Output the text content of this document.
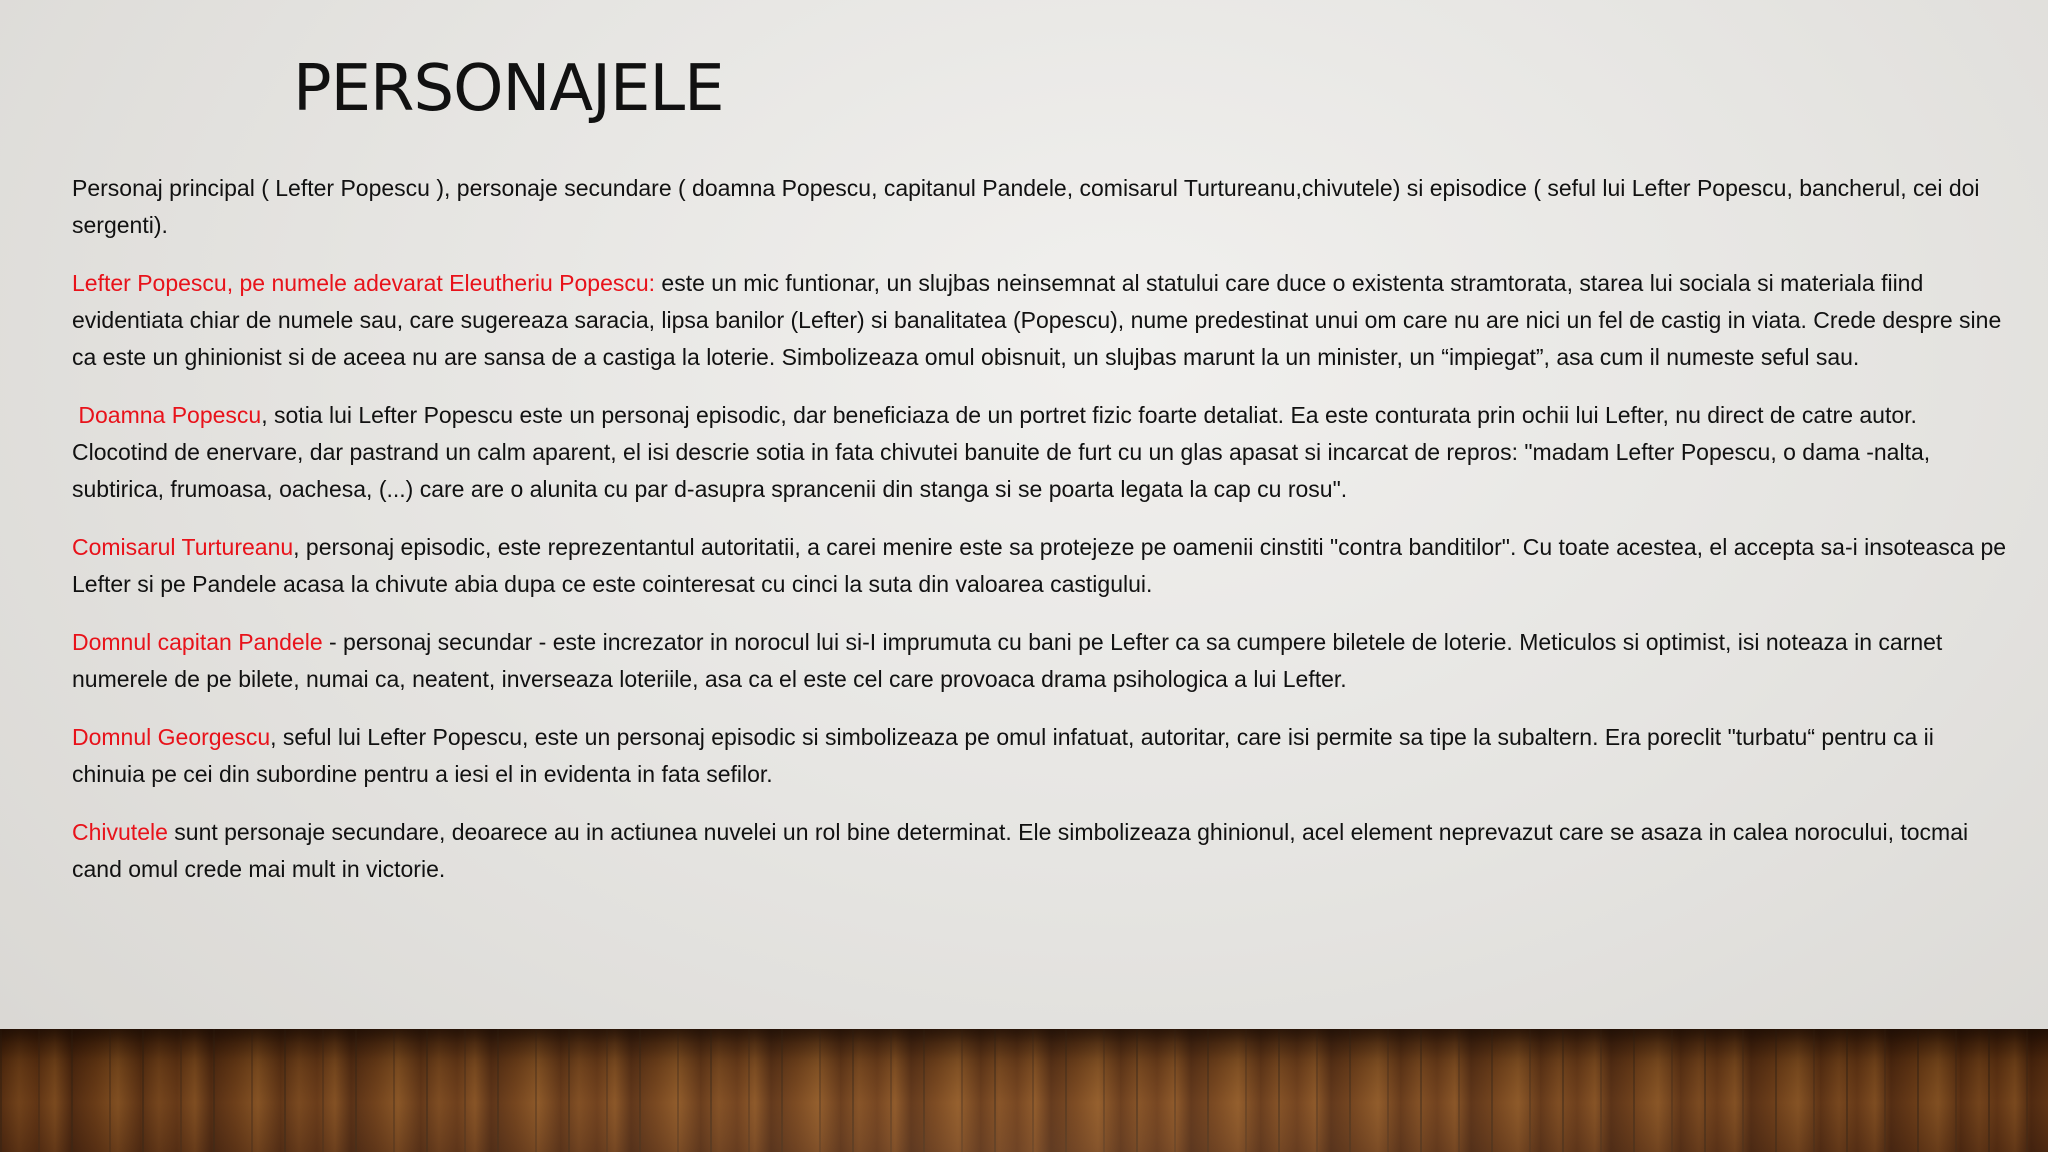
PERSONAJELE

Personaj principal ( Lefter Popescu ), personaje secundare ( doamna Popescu, capitanul Pandele, comisarul Turtureanu,chivutele) si episodice ( seful lui Lefter Popescu, bancherul, cei doi sergenti).

Lefter Popescu, pe numele adevarat Eleutheriu Popescu: este un mic funtionar, un slujbas neinsemnat al statului care duce o existenta stramtorata, starea lui sociala si materiala fiind evidentiata chiar de numele sau, care sugereaza saracia, lipsa banilor (Lefter) si banalitatea (Popescu), nume predestinat unui om care nu are nici un fel de castig in viata. Crede despre sine ca este un ghinionist si de aceea nu are sansa de a castiga la loterie. Simbolizeaza omul obisnuit, un slujbas marunt la un minister, un “impiegat”, asa cum il numeste seful sau.

Doamna Popescu, sotia lui Lefter Popescu este un personaj episodic, dar beneficiaza de un portret fizic foarte detaliat. Ea este conturata prin ochii lui Lefter, nu direct de catre autor. Clocotind de enervare, dar pastrand un calm aparent, el isi descrie sotia in fata chivutei banuite de furt cu un glas apasat si incarcat de repros: "madam Lefter Popescu, o dama -nalta, subtirica, frumoasa, oachesa, (...) care are o alunita cu par d-asupra sprancenii din stanga si se poarta legata la cap cu rosu".

Comisarul Turtureanu, personaj episodic, este reprezentantul autoritatii, a carei menire este sa protejeze pe oamenii cinstiti "contra banditilor". Cu toate acestea, el accepta sa-i insoteasca pe Lefter si pe Pandele acasa la chivute abia dupa ce este cointeresat cu cinci la suta din valoarea castigului.

Domnul capitan Pandele - personaj secundar - este increzator in norocul lui si-I imprumuta cu bani pe Lefter ca sa cumpere biletele de loterie. Meticulos si optimist, isi noteaza in carnet numerele de pe bilete, numai ca, neatent, inverseaza loteriile, asa ca el este cel care provoaca drama psihologica a lui Lefter.

Domnul Georgescu, seful lui Lefter Popescu, este un personaj episodic si simbolizeaza pe omul infatuat, autoritar, care isi permite sa tipe la subaltern. Era poreclit "turbatu“ pentru ca ii chinuia pe cei din subordine pentru a iesi el in evidenta in fata sefilor.

Chivutele sunt personaje secundare, deoarece au in actiunea nuvelei un rol bine determinat. Ele simbolizeaza ghinionul, acel element neprevazut care se asaza in calea norocului, tocmai cand omul crede mai mult in victorie.
